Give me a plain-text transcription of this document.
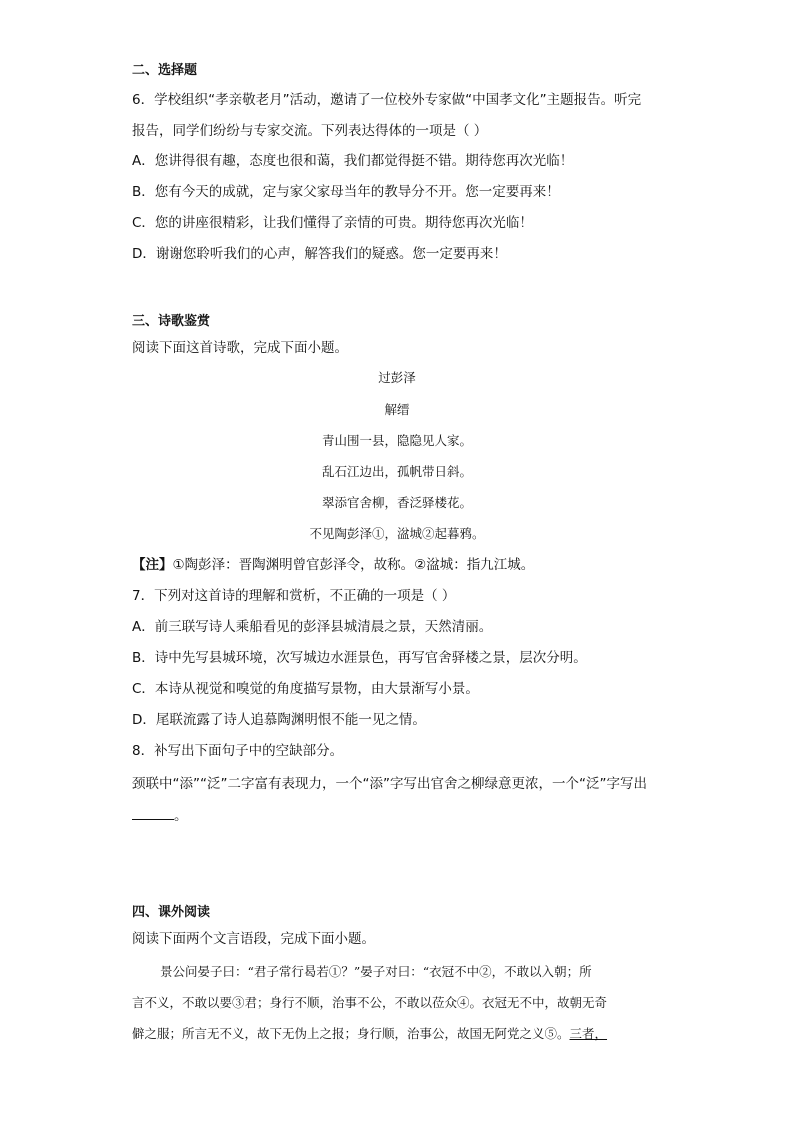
二、选择题
6．学校组织“孝亲敬老月”活动，邀请了一位校外专家做“中国孝文化”主题报告。听完
报告，同学们纷纷与专家交流。下列表达得体的一项是（ ）
A．您讲得很有趣，态度也很和蔼，我们都觉得挺不错。期待您再次光临！
B．您有今天的成就，定与家父家母当年的教导分不开。您一定要再来！
C．您的讲座很精彩，让我们懂得了亲情的可贵。期待您再次光临！
D．谢谢您聆听我们的心声，解答我们的疑惑。您一定要再来！
三、诗歌鉴赏
阅读下面这首诗歌，完成下面小题。
过彭泽
解缙
青山围一县，隐隐见人家。
乱石江边出，孤帆带日斜。
翠添官舍柳，香泛驿楼花。
不见陶彭泽①，湓城②起暮鸦。
【注】①陶彭泽：晋陶渊明曾官彭泽令，故称。②湓城：指九江城。
7．下列对这首诗的理解和赏析，不正确的一项是（ ）
A．前三联写诗人乘船看见的彭泽县城清晨之景，天然清丽。
B．诗中先写县城环境，次写城边水涯景色，再写官舍驿楼之景，层次分明。
C．本诗从视觉和嗅觉的角度描写景物，由大景渐写小景。
D．尾联流露了诗人追慕陶渊明恨不能一见之情。
8．补写出下面句子中的空缺部分。
颈联中“添”“泛”二字富有表现力，一个“添”字写出官舍之柳绿意更浓，一个“泛”字写出
。
四、课外阅读
阅读下面两个文言语段，完成下面小题。
景公问晏子曰：“君子常行曷若①？”晏子对曰：“衣冠不中②，不敢以入朝；所
言不义，不敢以要③君；身行不顺，治事不公，不敢以莅众④。衣冠无不中，故朝无奇
僻之服；所言无不义，故下无伪上之报；身行顺，治事公，故国无阿党之义⑤。三者，
